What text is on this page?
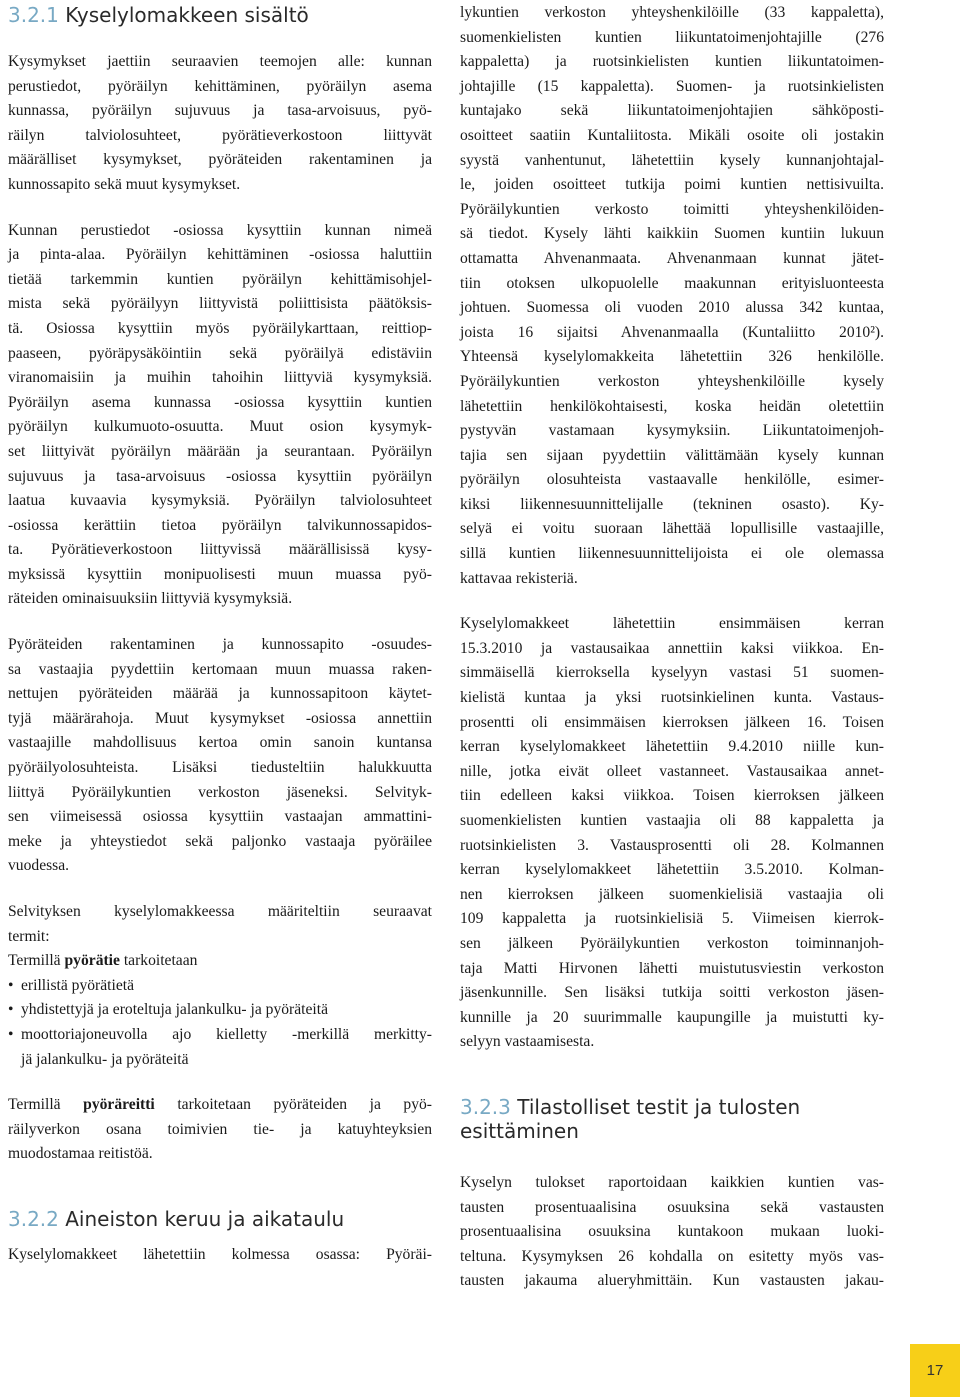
3.2.1 Kyselylomakkeen sisältö
Kysymykset jaettiin seuraavien teemojen alle: kunnan
perustiedot, pyöräilyn kehittäminen, pyöräilyn asema
kunnassa, pyöräilyn sujuvuus ja tasa-arvoisuus, pyö-
räilyn talviolosuhteet, pyörätieverkostoon liittyvät
määrälliset kysymykset, pyöräteiden rakentaminen ja
kunnossapito sekä muut kysymykset.
Kunnan perustiedot -osiossa kysyttiin kunnan nimeä
ja pinta-alaa. Pyöräilyn kehittäminen -osiossa haluttiin
tietää tarkemmin kuntien pyöräilyn kehittämisohjel-
mista sekä pyöräilyyn liittyvistä poliittisista päätöksis-
tä. Osiossa kysyttiin myös pyöräilykarttaan, reittiop-
paaseen, pyöräpysäköintiin sekä pyöräilyä edistäviin
viranomaisiin ja muihin tahoihin liittyviä kysymyksiä.
Pyöräilyn asema kunnassa -osiossa kysyttiin kuntien
pyöräilyn kulkumuoto-osuutta. Muut osion kysymyk-
set liittyivät pyöräilyn määrään ja seurantaan. Pyöräilyn
sujuvuus ja tasa-arvoisuus -osiossa kysyttiin pyöräilyn
laatua kuvaavia kysymyksiä. Pyöräilyn talviolosuhteet
-osiossa kerättiin tietoa pyöräilyn talvikunnossapidos-
ta. Pyörätieverkostoon liittyvissä määrällisissä kysy-
myksissä kysyttiin monipuolisesti muun muassa pyö-
räteiden ominaisuuksiin liittyviä kysymyksiä.
Pyöräteiden rakentaminen ja kunnossapito -osuudes-
sa vastaajia pyydettiin kertomaan muun muassa raken-
nettujen pyöräteiden määrää ja kunnossapitoon käytet-
tyjä määrärahoja. Muut kysymykset -osiossa annettiin
vastaajille mahdollisuus kertoa omin sanoin kuntansa
pyöräilyolosuhteista. Lisäksi tiedusteltiin halukkuutta
liittyä Pyöräilykuntien verkoston jäseneksi. Selvityk-
sen viimeisessä osiossa kysyttiin vastaajan ammattini-
meke ja yhteystiedot sekä paljonko vastaaja pyöräilee
vuodessa.
Selvityksen kyselylomakkeessa määriteltiin seuraavat
termit:
Termillä pyörätie tarkoitetaan
• erillistä pyörätietä
• yhdistettyjä ja eroteltuja jalankulku- ja pyöräteitä
• moottoriajoneuvolla ajo kielletty -merkillä merkitty-
jä jalankulku- ja pyöräteitä
Termillä pyöräreitti tarkoitetaan pyöräteiden ja pyö-
räilyverkon osana toimivien tie- ja katuyhteyksien
muodostamaa reitistöä.
3.2.2 Aineiston keruu ja aikataulu
Kyselylomakkeet lähetettiin kolmessa osassa: Pyöräi-
lykuntien verkoston yhteyshenkilöille (33 kappaletta),
suomenkielisten kuntien liikuntatoimenjohtajille (276
kappaletta) ja ruotsinkielisten kuntien liikuntatoimen-
johtajille (15 kappaletta). Suomen- ja ruotsinkielisten
kuntajako sekä liikuntatoimenjohtajien sähköposti-
osoitteet saatiin Kuntaliitosta. Mikäli osoite oli jostakin
syystä vanhentunut, lähetettiin kysely kunnanjohtajal-
le, joiden osoitteet tutkija poimi kuntien nettisivuilta.
Pyöräilykuntien verkosto toimitti yhteyshenkilöiden-
sä tiedot. Kysely lähti kaikkiin Suomen kuntiin lukuun
ottamatta Ahvenanmaata. Ahvenanmaan kunnat jätet-
tiin otoksen ulkopuolelle maakunnan erityisluonteesta
johtuen. Suomessa oli vuoden 2010 alussa 342 kuntaa,
joista 16 sijaitsi Ahvenanmaalla (Kuntaliitto 2010²).
Yhteensä kyselylomakkeita lähetettiin 326 henkilölle.
Pyöräilykuntien verkoston yhteyshenkilöille kysely
lähetettiin henkilökohtaisesti, koska heidän oletettiin
pystyvän vastamaan kysymyksiin. Liikuntatoimenjoh-
tajia sen sijaan pyydettiin välittämään kysely kunnan
pyöräilyn olosuhteista vastaavalle henkilölle, esimer-
kiksi liikennesuunnittelijalle (tekninen osasto). Ky-
selyä ei voitu suoraan lähettää lopullisille vastaajille,
sillä kuntien liikennesuunnittelijoista ei ole olemassa
kattavaa rekisteriä.
Kyselylomakkeet lähetettiin ensimmäisen kerran
15.3.2010 ja vastausaikaa annettiin kaksi viikkoa. En-
simmäisellä kierroksella kyselyyn vastasi 51 suomen-
kielistä kuntaa ja yksi ruotsinkielinen kunta. Vastaus-
prosentti oli ensimmäisen kierroksen jälkeen 16. Toisen
kerran kyselylomakkeet lähetettiin 9.4.2010 niille kun-
nille, jotka eivät olleet vastanneet. Vastausaikaa annet-
tiin edelleen kaksi viikkoa. Toisen kierroksen jälkeen
suomenkielisten kuntien vastaajia oli 88 kappaletta ja
ruotsinkielisten 3. Vastausprosentti oli 28. Kolmannen
kerran kyselylomakkeet lähetettiin 3.5.2010. Kolman-
nen kierroksen jälkeen suomenkielisiä vastaajia oli
109 kappaletta ja ruotsinkielisiä 5. Viimeisen kierrok-
sen jälkeen Pyöräilykuntien verkoston toiminnanjoh-
taja Matti Hirvonen lähetti muistutusviestin verkoston
jäsenkunnille. Sen lisäksi tutkija soitti verkoston jäsen-
kunnille ja 20 suurimmalle kaupungille ja muistutti ky-
selyyn vastaamisesta.
3.2.3 Tilastolliset testit ja tulosten
esittäminen
Kyselyn tulokset raportoidaan kaikkien kuntien vas-
tausten prosentuaalisina osuuksina sekä vastausten
prosentuaalisina osuuksina kuntakoon mukaan luoki-
teltuna. Kysymyksen 26 kohdalla on esitetty myös vas-
tausten jakauma alueryhmittäin. Kun vastausten jakau-
17
